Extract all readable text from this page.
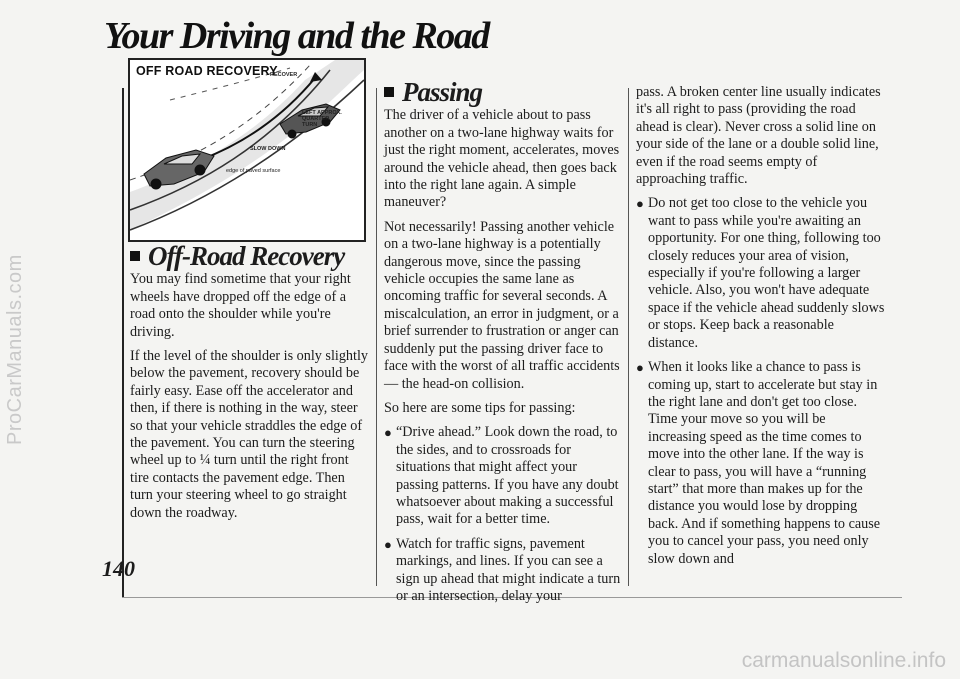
ProCarManuals.com
carmanualsonline.info
Your Driving and the Road
140
OFF ROAD RECOVERY
RECOVER
LEFT APPROX. QUARTER TURN
SLOW DOWN
edge of paved surface
Off-Road Recovery

You may find sometime that your right wheels have dropped off the edge of a road onto the shoulder while you're driving.

If the level of the shoulder is only slightly below the pavement, recovery should be fairly easy. Ease off the accelerator and then, if there is nothing in the way, steer so that your vehicle straddles the edge of the pavement. You can turn the steering wheel up to ¼ turn until the right front tire contacts the pavement edge. Then turn your steering wheel to go straight down the roadway.

Passing

The driver of a vehicle about to pass another on a two-lane highway waits for just the right moment, accelerates, moves around the vehicle ahead, then goes back into the right lane again. A simple maneuver?

Not necessarily! Passing another vehicle on a two-lane highway is a potentially dangerous move, since the passing vehicle occupies the same lane as oncoming traffic for several seconds. A miscalculation, an error in judgment, or a brief surrender to frustration or anger can suddenly put the passing driver face to face with the worst of all traffic accidents — the head-on collision.

So here are some tips for passing:

● “Drive ahead.” Look down the road, to the sides, and to crossroads for situations that might affect your passing patterns. If you have any doubt whatsoever about making a successful pass, wait for a better time.
● Watch for traffic signs, pavement markings, and lines. If you can see a sign up ahead that might indicate a turn or an intersection, delay your

pass. A broken center line usually indicates it's all right to pass (providing the road ahead is clear). Never cross a solid line on your side of the lane or a double solid line, even if the road seems empty of approaching traffic.

● Do not get too close to the vehicle you want to pass while you're awaiting an opportunity. For one thing, following too closely reduces your area of vision, especially if you're following a larger vehicle. Also, you won't have adequate space if the vehicle ahead suddenly slows or stops. Keep back a reasonable distance.
● When it looks like a chance to pass is coming up, start to accelerate but stay in the right lane and don't get too close. Time your move so you will be increasing speed as the time comes to move into the other lane. If the way is clear to pass, you will have a “running start” that more than makes up for the distance you would lose by dropping back. And if something happens to cause you to cancel your pass, you need only slow down and
